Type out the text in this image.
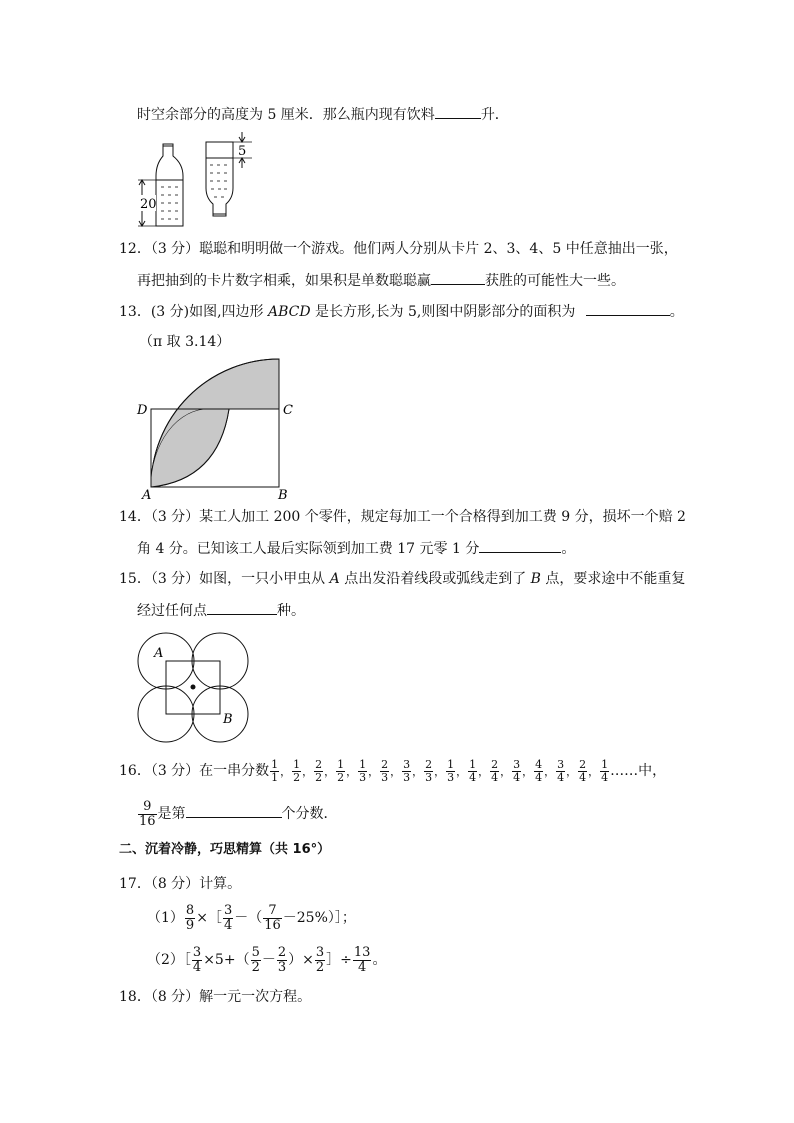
时空余部分的高度为 5 厘米．那么瓶内现有饮料	升．
20
5
12．（3 分）聪聪和明明做一个游戏。他们两人分别从卡片 2、3、4、5 中任意抽出一张，
再把抽到的卡片数字相乘，如果积是单数聪聪赢	获胜的可能性大一些。
13．(3 分)如图,四边形 ABCD 是长方形,长为 5,则图中阴影部分的面积为	。
（π 取 3.14）
D	C
A	B
14．（3 分）某工人加工 200 个零件，规定每加工一个合格得到加工费 9 分，损坏一个赔 2
角 4 分。已知该工人最后实际领到加工费 17 元零 1 分	。
15．（3 分）如图，一只小甲虫从 A 点出发沿着线段或弧线走到了 B 点，要求途中不能重复
经过任何点	种。
A
B
16．（3 分）在一串分数 $\frac{1}{1}$ ， $\frac{1}{2}$ ， $\frac{2}{2}$ ， $\frac{1}{2}$ ， $\frac{1}{3}$ ， $\frac{2}{3}$ ， $\frac{3}{3}$ ， $\frac{2}{3}$ ， $\frac{1}{3}$ ， $\frac{1}{4}$ ， $\frac{2}{4}$ ， $\frac{3}{4}$ ， $\frac{4}{4}$ ， $\frac{3}{4}$ ， $\frac{2}{4}$ ， $\frac{1}{4}$ ……中，
$\frac{9}{16}$ 是第	个分数．
二、沉着冷静，巧思精算（共 16°）
17．（8 分）计算。
$(1) \frac{8}{9}$ ×［ $\frac{3}{4}$ －（ $\frac{7}{16}$ －25%）］；
（2）［ $\frac{3}{4} \times 5+( \frac{5}{2} - \frac{2}{3}$ ）× $\frac{3}{2}$ ］÷ $\frac{13}{4}$ 。
18．（8 分）解一元一次方程。
